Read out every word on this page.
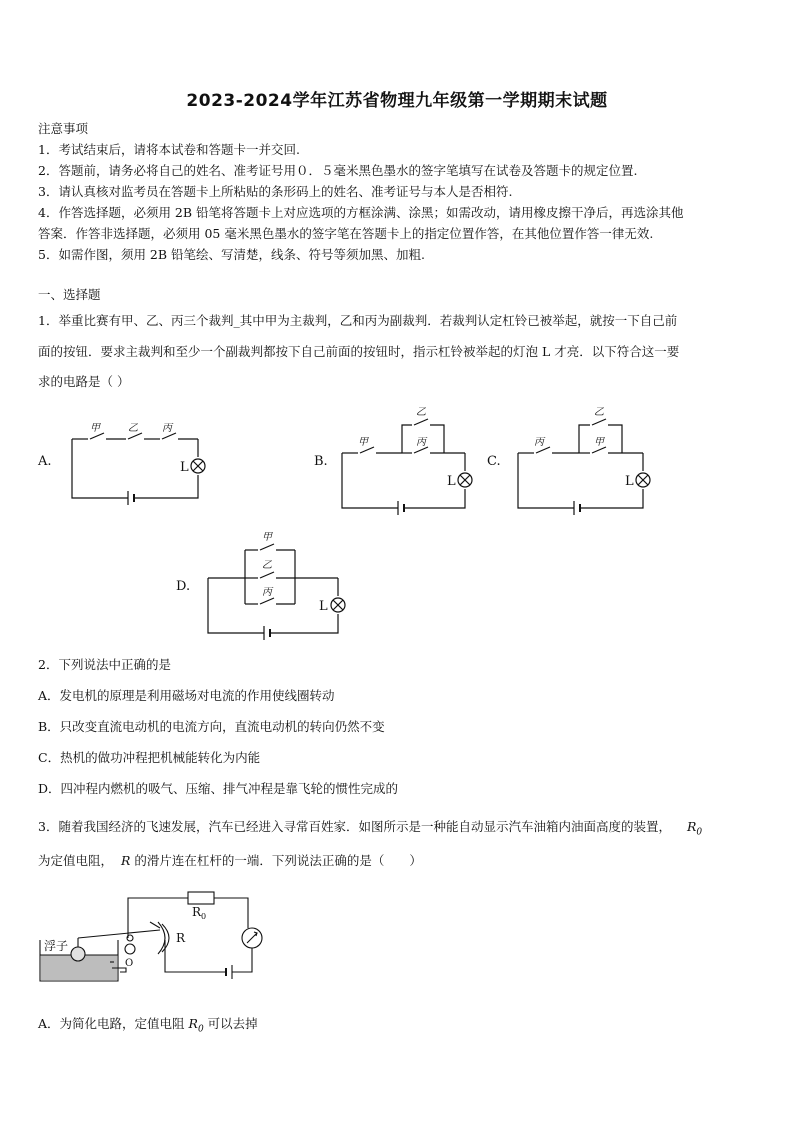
2023-2024学年江苏省物理九年级第一学期期末试题
注意事项
1．考试结束后，请将本试卷和答题卡一并交回.
2．答题前，请务必将自己的姓名、准考证号用０．５毫米黑色墨水的签字笔填写在试卷及答题卡的规定位置.
3．请认真核对监考员在答题卡上所粘贴的条形码上的姓名、准考证号与本人是否相符.
4．作答选择题，必须用 2B 铅笔将答题卡上对应选项的方框涂满、涂黑；如需改动，请用橡皮擦干净后，再选涂其他
答案．作答非选择题，必须用 05 毫米黑色墨水的签字笔在答题卡上的指定位置作答，在其他位置作答一律无效.
5．如需作图，须用 2B 铅笔绘、写清楚，线条、符号等须加黑、加粗.
一、选择题
1．举重比赛有甲、乙、丙三个裁判_其中甲为主裁判，乙和丙为副裁判．若裁判认定杠铃已被举起，就按一下自己前
面的按钮．要求主裁判和至少一个副裁判都按下自己前面的按钮时，指示杠铃被举起的灯泡 L 才亮．以下符合这一要
求的电路是（ ）
甲	乙 丙
甲
乙
丙	丙
乙
甲
甲
乙
丙
L
L	L
L
A.	B.	C.
D.
2．下列说法中正确的是
A．发电机的原理是利用磁场对电流的作用使线圈转动
B．只改变直流电动机的电流方向，直流电动机的转向仍然不变
C．热机的做功冲程把机械能转化为内能
D．四冲程内燃机的吸气、压缩、排气冲程是靠飞轮的惯性完成的
3．随着我国经济的飞速发展，汽车已经进入寻常百姓家．如图所示是一种能自动显示汽车油箱内油面高度的装置， $R_0$
为定值电阻， R 的滑片连在杠杆的一端．下列说法正确的是（　　）
浮子
$R_0$
R
O
A．为简化电路，定值电阻 $R_0$ 可以去掉
